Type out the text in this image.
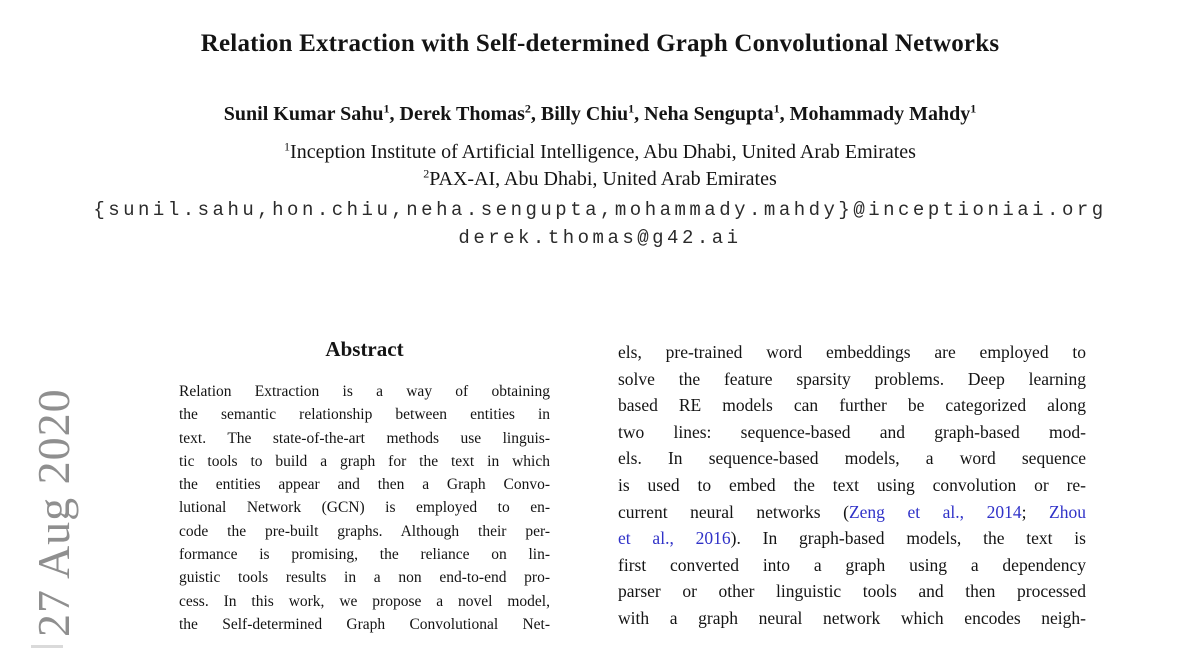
27 Aug 2020
Relation Extraction with Self-determined Graph Convolutional Networks
Sunil Kumar Sahu$^1$, Derek Thomas$^2$, Billy Chiu$^1$, Neha Sengupta$^1$, Mohammady Mahdy$^1$
$^1$Inception Institute of Artificial Intelligence, Abu Dhabi, United Arab Emirates
$^2$PAX-AI, Abu Dhabi, United Arab Emirates
{sunil.sahu,hon.chiu,neha.sengupta,mohammady.mahdy}@inceptioniai.org
derek.thomas@g42.ai
Abstract
Relation Extraction is a way of obtaining
the semantic relationship between entities in
text. The state-of-the-art methods use linguis-
tic tools to build a graph for the text in which
the entities appear and then a Graph Convo-
lutional Network (GCN) is employed to en-
code the pre-built graphs. Although their per-
formance is promising, the reliance on lin-
guistic tools results in a non end-to-end pro-
cess. In this work, we propose a novel model,
the Self-determined Graph Convolutional Net-
els, pre-trained word embeddings are employed to
solve the feature sparsity problems. Deep learning
based RE models can further be categorized along
two lines: sequence-based and graph-based mod-
els. In sequence-based models, a word sequence
is used to embed the text using convolution or re-
current neural networks (Zeng et al., 2014; Zhou
et al., 2016). In graph-based models, the text is
first converted into a graph using a dependency
parser or other linguistic tools and then processed
with a graph neural network which encodes neigh-
